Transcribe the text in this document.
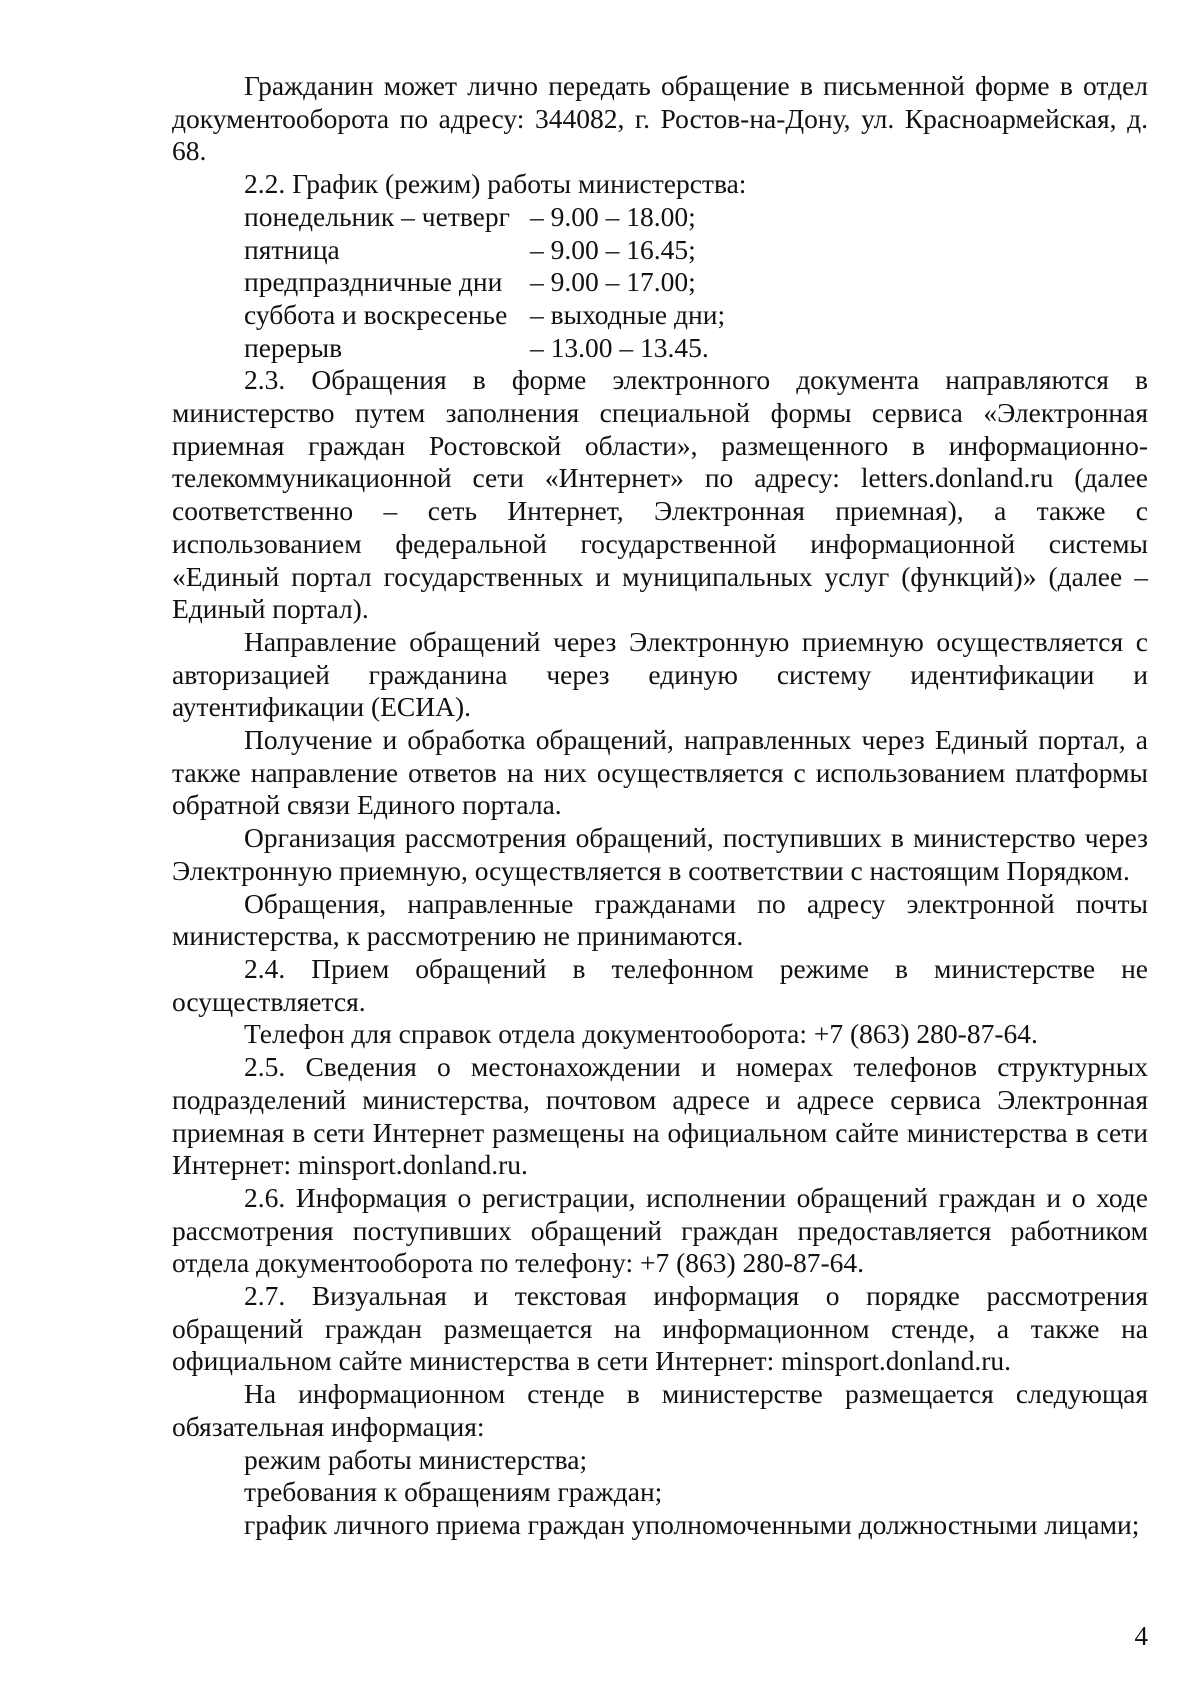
Гражданин может лично передать обращение в письменной форме в отдел документооборота по адресу: 344082, г. Ростов-на-Дону, ул. Красноармейская, д. 68.

2.2. График (режим) работы министерства:

понедельник – четверг – 9.00 – 18.00;
пятница	– 9.00 – 16.45;
предпраздничные дни	– 9.00 – 17.00;
суббота и воскресенье – выходные дни;
перерыв	– 13.00 – 13.45.

2.3. Обращения в форме электронного документа направляются в министерство путем заполнения специальной формы сервиса «Электронная приемная граждан Ростовской области», размещенного в информационно-телекоммуникационной сети «Интернет» по адресу: letters.donland.ru (далее соответственно – сеть Интернет, Электронная приемная), а также с использованием федеральной государственной информационной системы «Единый портал государственных и муниципальных услуг (функций)» (далее – Единый портал).

Направление обращений через Электронную приемную осуществляется с авторизацией гражданина через единую систему идентификации и аутентификации (ЕСИА).

Получение и обработка обращений, направленных через Единый портал, а также направление ответов на них осуществляется с использованием платформы обратной связи Единого портала.

Организация рассмотрения обращений, поступивших в министерство через Электронную приемную, осуществляется в соответствии с настоящим Порядком.

Обращения, направленные гражданами по адресу электронной почты министерства, к рассмотрению не принимаются.

2.4. Прием обращений в телефонном режиме в министерстве не осуществляется.

Телефон для справок отдела документооборота: +7 (863) 280-87-64.

2.5. Сведения о местонахождении и номерах телефонов структурных подразделений министерства, почтовом адресе и адресе сервиса Электронная приемная в сети Интернет размещены на официальном сайте министерства в сети Интернет: minsport.donland.ru.

2.6. Информация о регистрации, исполнении обращений граждан и о ходе рассмотрения поступивших обращений граждан предоставляется работником отдела документооборота по телефону: +7 (863) 280-87-64.

2.7. Визуальная и текстовая информация о порядке рассмотрения обращений граждан размещается на информационном стенде, а также на официальном сайте министерства в сети Интернет: minsport.donland.ru.

На информационном стенде в министерстве размещается следующая обязательная информация:

режим работы министерства;

требования к обращениям граждан;

график личного приема граждан уполномоченными должностными лицами;

4
